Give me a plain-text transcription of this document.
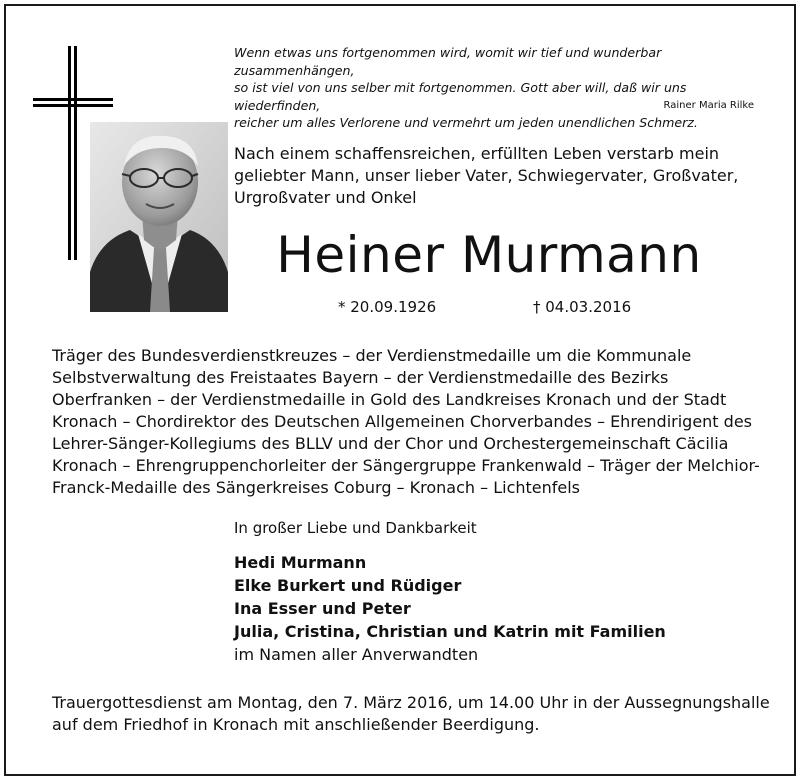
Wenn etwas uns fortgenommen wird, womit wir tief und wunderbar zusammenhängen,
so ist viel von uns selber mit fortgenommen. Gott aber will, daß wir uns wiederfinden,
reicher um alles Verlorene und vermehrt um jeden unendlichen Schmerz.
Rainer Maria Rilke
Nach einem schaffensreichen, erfüllten Leben verstarb mein
geliebter Mann, unser lieber Vater, Schwiegervater, Großvater,
Urgroßvater und Onkel
Heiner Murmann
* 20.09.1926	† 04.03.2016
Träger des Bundesverdienstkreuzes – der Verdienstmedaille um die Kommunale
Selbstverwaltung des Freistaates Bayern – der Verdienstmedaille des Bezirks
Oberfranken – der Verdienstmedaille in Gold des Landkreises Kronach und der Stadt
Kronach – Chordirektor des Deutschen Allgemeinen Chorverbandes – Ehrendirigent des
Lehrer-Sänger-Kollegiums des BLLV und der Chor und Orchestergemeinschaft Cäcilia
Kronach – Ehrengruppenchorleiter der Sängergruppe Frankenwald – Träger der Melchior-
Franck-Medaille des Sängerkreises Coburg – Kronach – Lichtenfels
In großer Liebe und Dankbarkeit
Hedi Murmann
Elke Burkert und Rüdiger
Ina Esser und Peter
Julia, Cristina, Christian und Katrin mit Familien
im Namen aller Anverwandten
Trauergottesdienst am Montag, den 7. März 2016, um 14.00 Uhr in der Aussegnungshalle
auf dem Friedhof in Kronach mit anschließender Beerdigung.
